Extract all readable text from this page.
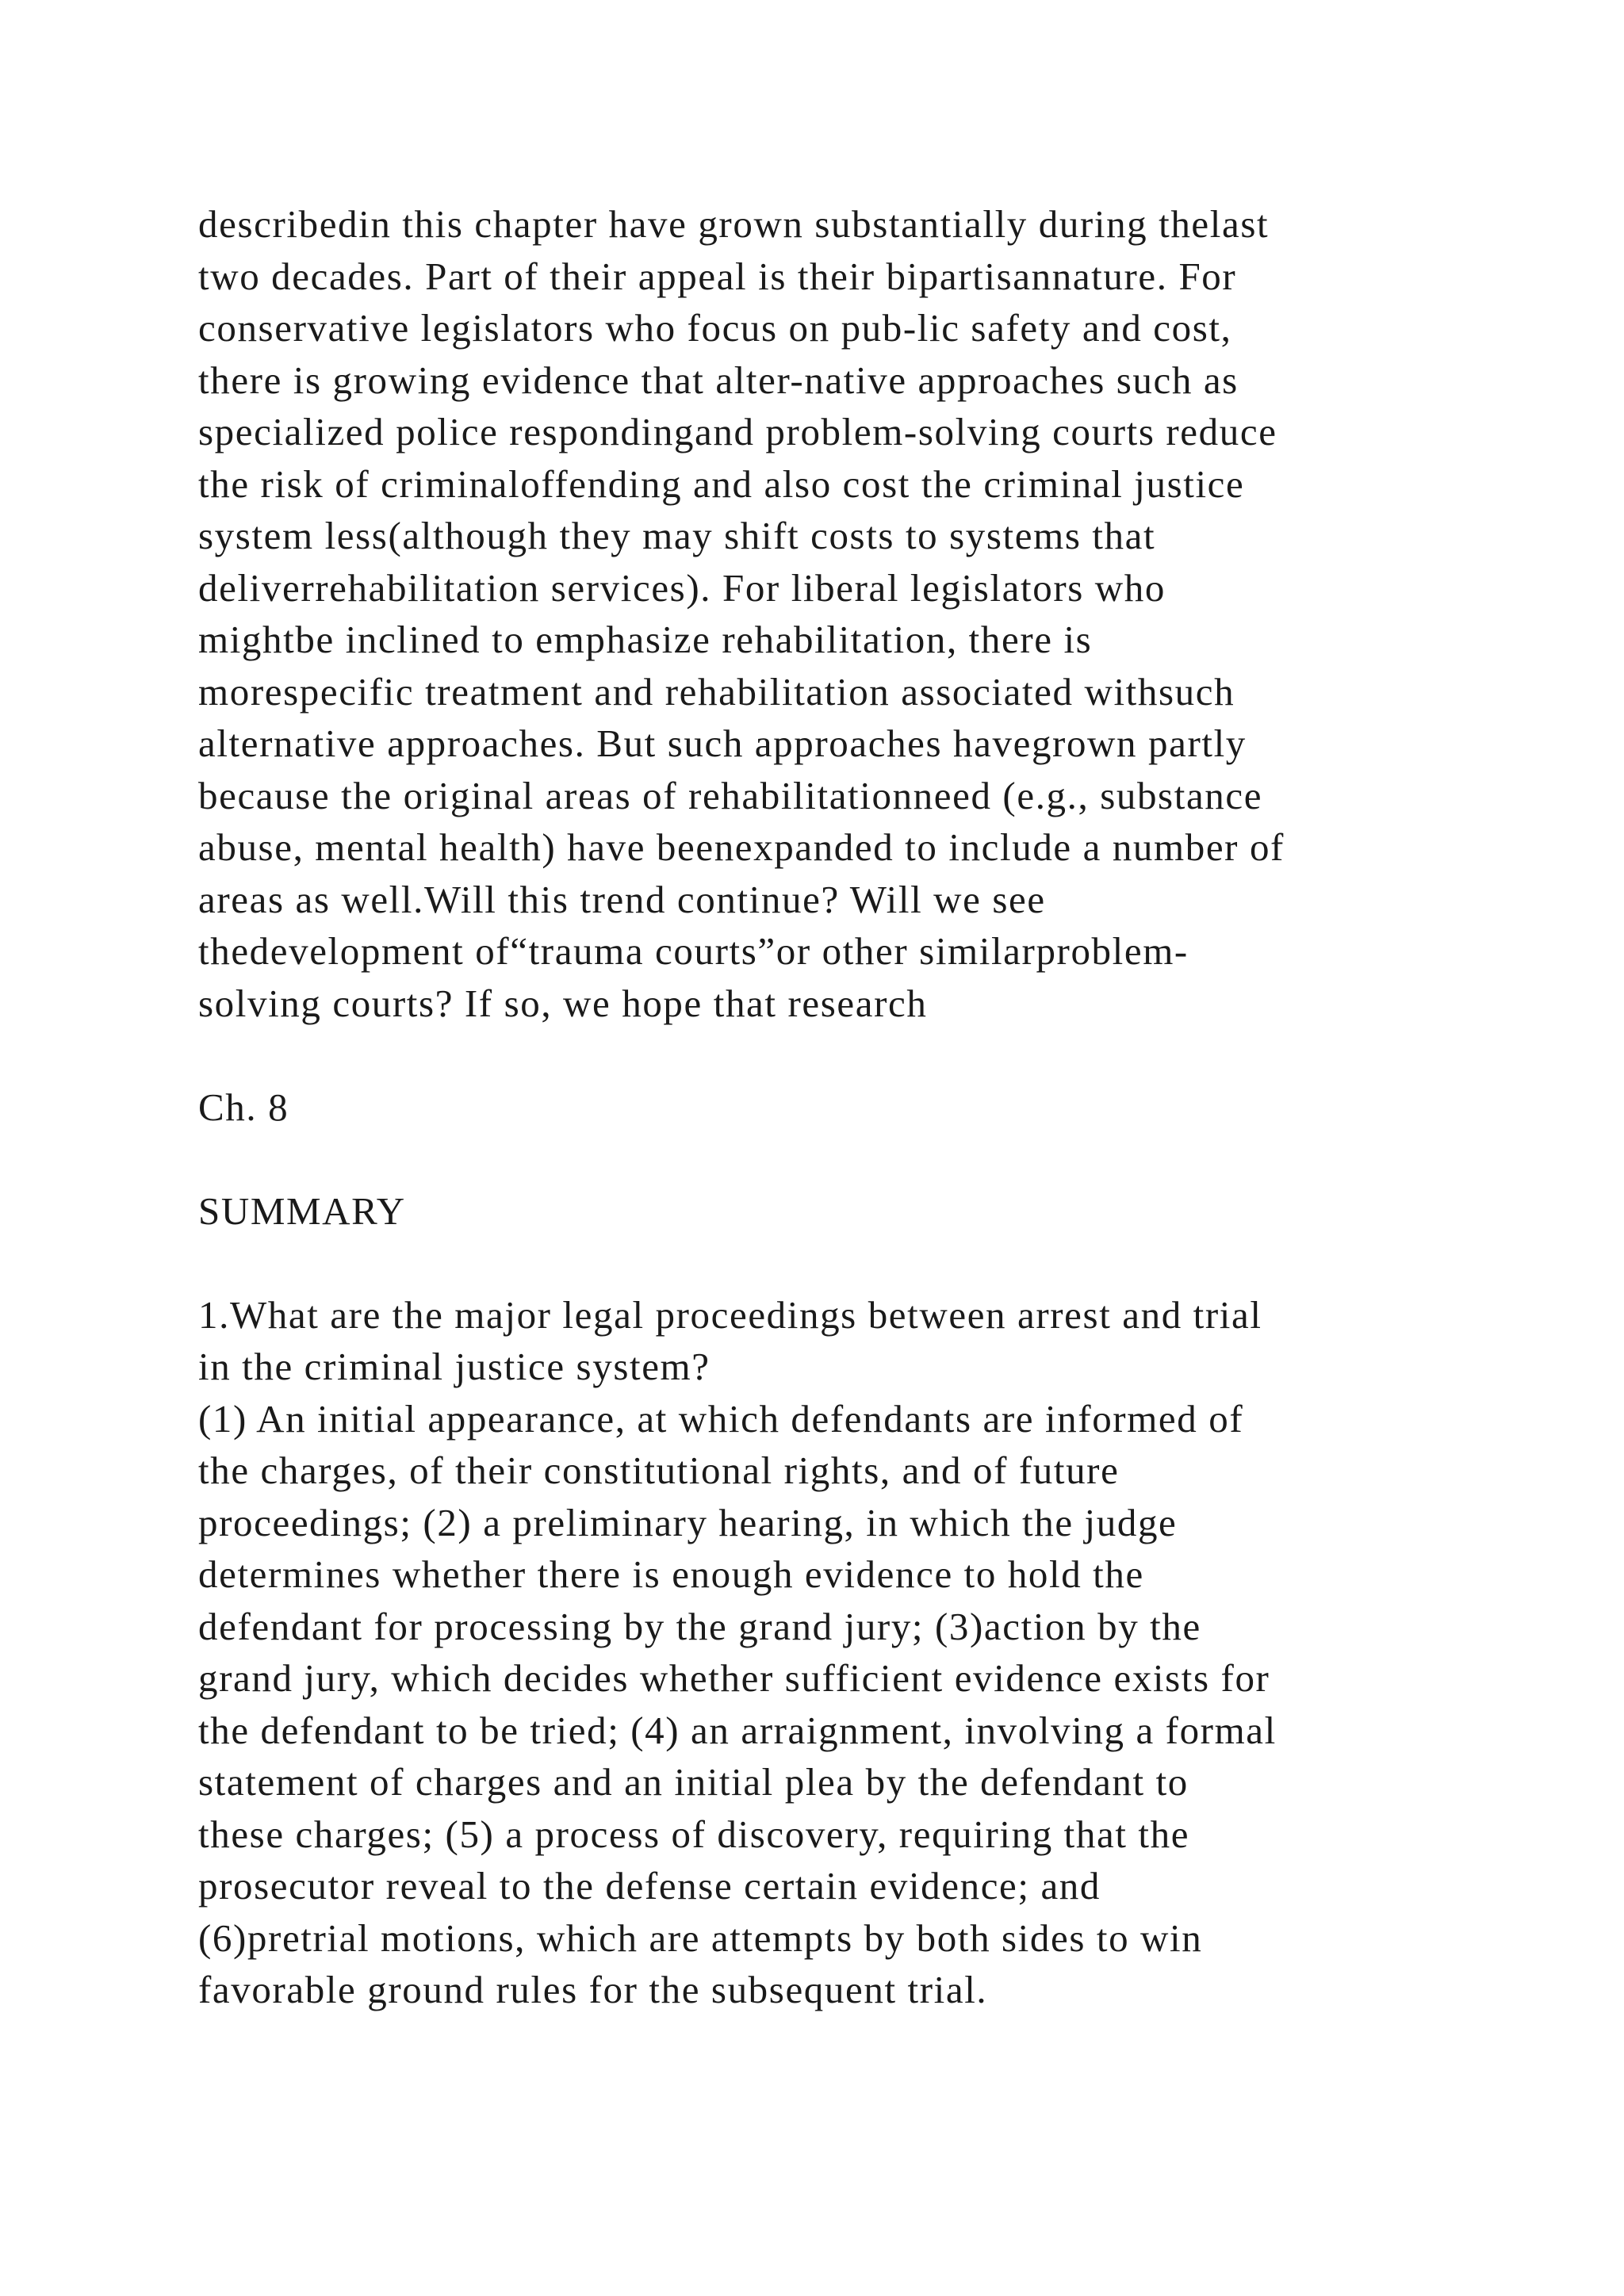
describedin this chapter have grown substantially during thelast
two decades. Part of their appeal is their bipartisannature. For
conservative legislators who focus on pub-lic safety and cost,
there is growing evidence that alter-native approaches such as
specialized police respondingand problem-solving courts reduce
the risk of criminaloffending and also cost the criminal justice
system less(although they may shift costs to systems that
deliverrehabilitation services). For liberal legislators who
mightbe inclined to emphasize rehabilitation, there is
morespecific treatment and rehabilitation associated withsuch
alternative approaches. But such approaches havegrown partly
because the original areas of rehabilitationneed (e.g., substance
abuse, mental health) have beenexpanded to include a number of
areas as well.Will this trend continue? Will we see
thedevelopment of“trauma courts”or other similarproblem-
solving courts? If so, we hope that research
Ch. 8
SUMMARY
1.What are the major legal proceedings between arrest and trial
in the criminal justice system?
(1) An initial appearance, at which defendants are informed of
the charges, of their constitutional rights, and of future
proceedings; (2) a preliminary hearing, in which the judge
determines whether there is enough evidence to hold the
defendant for processing by the grand jury; (3)action by the
grand jury, which decides whether sufficient evidence exists for
the defendant to be tried; (4) an arraignment, involving a formal
statement of charges and an initial plea by the defendant to
these charges; (5) a process of discovery, requiring that the
prosecutor reveal to the defense certain evidence; and
(6)pretrial motions, which are attempts by both sides to win
favorable ground rules for the subsequent trial.
